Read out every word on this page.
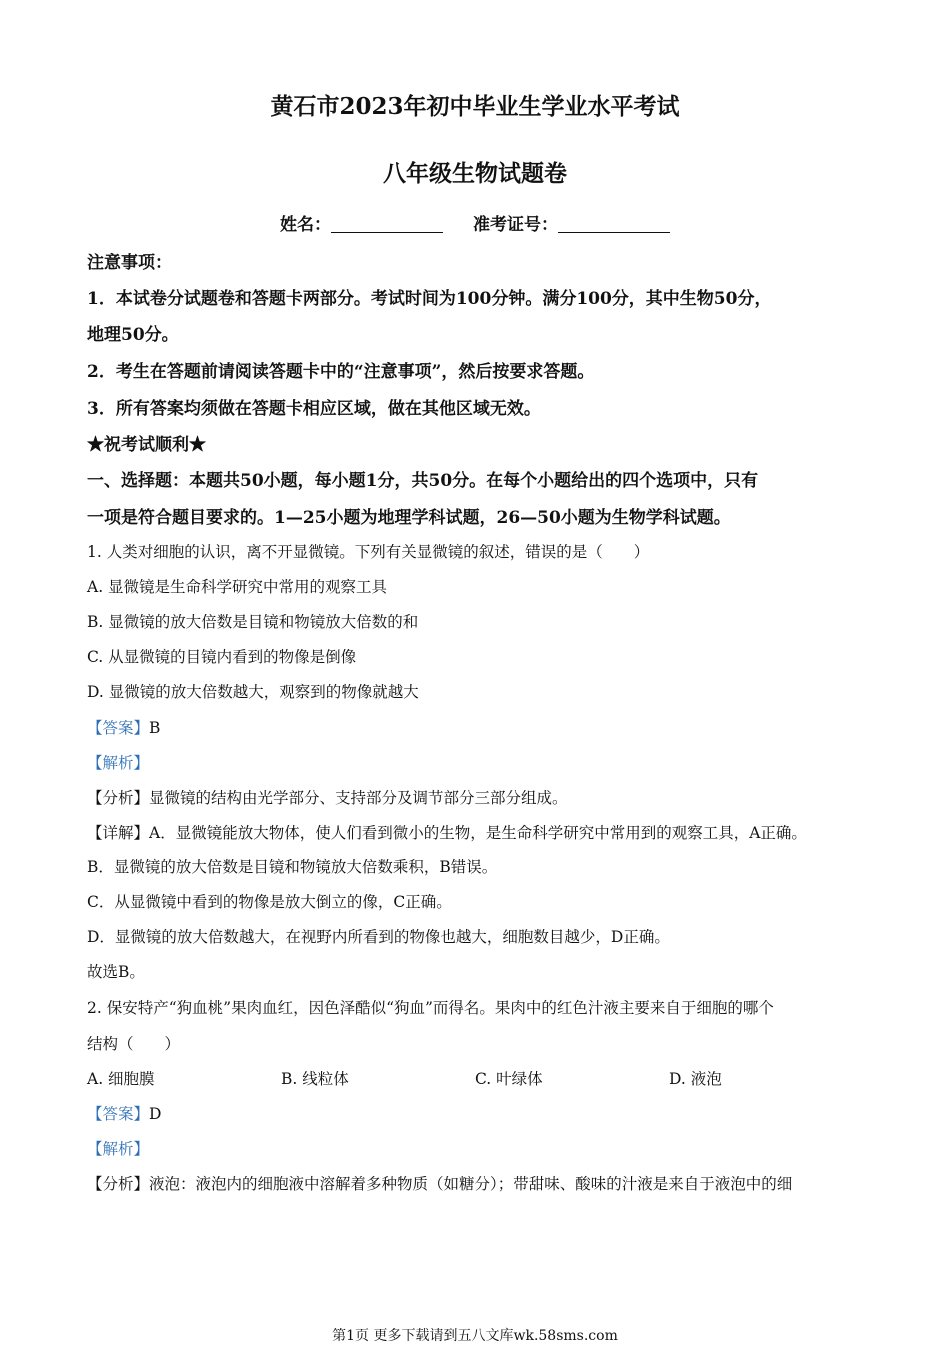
黄石市2023年初中毕业生学业水平考试
八年级生物试题卷
姓名：	准考证号：
注意事项：
1．本试卷分试题卷和答题卡两部分。考试时间为100分钟。满分100分，其中生物50分，
地理50分。
2．考生在答题前请阅读答题卡中的“注意事项”，然后按要求答题。
3．所有答案均须做在答题卡相应区域，做在其他区域无效。
★祝考试顺利★
一、选择题：本题共50小题，每小题1分，共50分。在每个小题给出的四个选项中，只有
一项是符合题目要求的。1—25小题为地理学科试题，26—50小题为生物学科试题。
1. 人类对细胞的认识，离不开显微镜。下列有关显微镜的叙述，错误的是（　　）
A. 显微镜是生命科学研究中常用的观察工具
B. 显微镜的放大倍数是目镜和物镜放大倍数的和
C. 从显微镜的目镜内看到的物像是倒像
D. 显微镜的放大倍数越大，观察到的物像就越大
【答案】B
【解析】
【分析】显微镜的结构由光学部分、支持部分及调节部分三部分组成。
【详解】A．显微镜能放大物体，使人们看到微小的生物，是生命科学研究中常用到的观察工具，A正确。
B．显微镜的放大倍数是目镜和物镜放大倍数乘积，B错误。
C．从显微镜中看到的物像是放大倒立的像，C正确。
D．显微镜的放大倍数越大，在视野内所看到的物像也越大，细胞数目越少，D正确。
故选B。
2. 保安特产“狗血桃”果肉血红，因色泽酷似“狗血”而得名。果肉中的红色汁液主要来自于细胞的哪个
结构（　　）
A. 细胞膜	B. 线粒体	C. 叶绿体	D. 液泡
【答案】D
【解析】
【分析】液泡：液泡内的细胞液中溶解着多种物质（如糖分）；带甜味、酸味的汁液是来自于液泡中的细
第1页 更多下载请到五八文库wk.58sms.com
